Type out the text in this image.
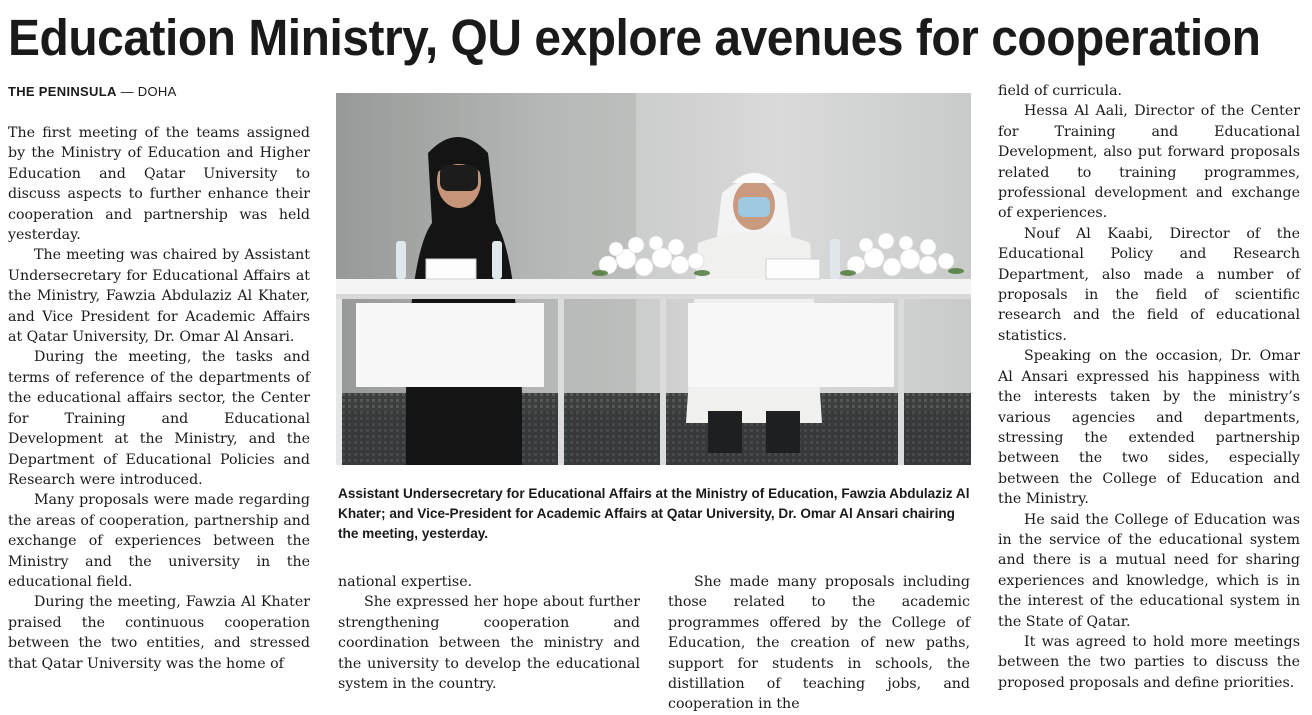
Education Ministry, QU explore avenues for cooperation
THE PENINSULA — DOHA

The first meeting of the teams assigned by the Ministry of Education and Higher Education and Qatar University to discuss aspects to further enhance their cooperation and partnership was held yesterday.

The meeting was chaired by Assistant Undersecretary for Educational Affairs at the Ministry, Fawzia Abdulaziz Al Khater, and Vice President for Academic Affairs at Qatar University, Dr. Omar Al Ansari.

During the meeting, the tasks and terms of reference of the departments of the educational affairs sector, the Center for Training and Educational Development at the Ministry, and the Department of Educational Policies and Research were introduced.

Many proposals were made regarding the areas of cooperation, partnership and exchange of experiences between the Ministry and the university in the educational field.

During the meeting, Fawzia Al Khater praised the continuous cooperation between the two entities, and stressed that Qatar University was the home of

Assistant Undersecretary for Educational Affairs at the Ministry of Education, Fawzia Abdulaziz Al Khater; and Vice-President for Academic Affairs at Qatar University, Dr. Omar Al Ansari chairing the meeting, yesterday.

national expertise.

She expressed her hope about further strengthening cooperation and coordination between the ministry and the university to develop the educational system in the country.

She made many proposals including those related to the academic programmes offered by the College of Education, the creation of new paths, support for students in schools, the distillation of teaching jobs, and cooperation in the

field of curricula.

Hessa Al Aali, Director of the Center for Training and Educational Development, also put forward proposals related to training programmes, professional development and exchange of experiences.

Nouf Al Kaabi, Director of the Educational Policy and Research Department, also made a number of proposals in the field of scientific research and the field of educational statistics.

Speaking on the occasion, Dr. Omar Al Ansari expressed his happiness with the interests taken by the ministry’s various agencies and departments, stressing the extended partnership between the two sides, especially between the College of Education and the Ministry.

He said the College of Education was in the service of the educational system and there is a mutual need for sharing experiences and knowledge, which is in the interest of the educational system in the State of Qatar.

It was agreed to hold more meetings between the two parties to discuss the proposed proposals and define priorities.
